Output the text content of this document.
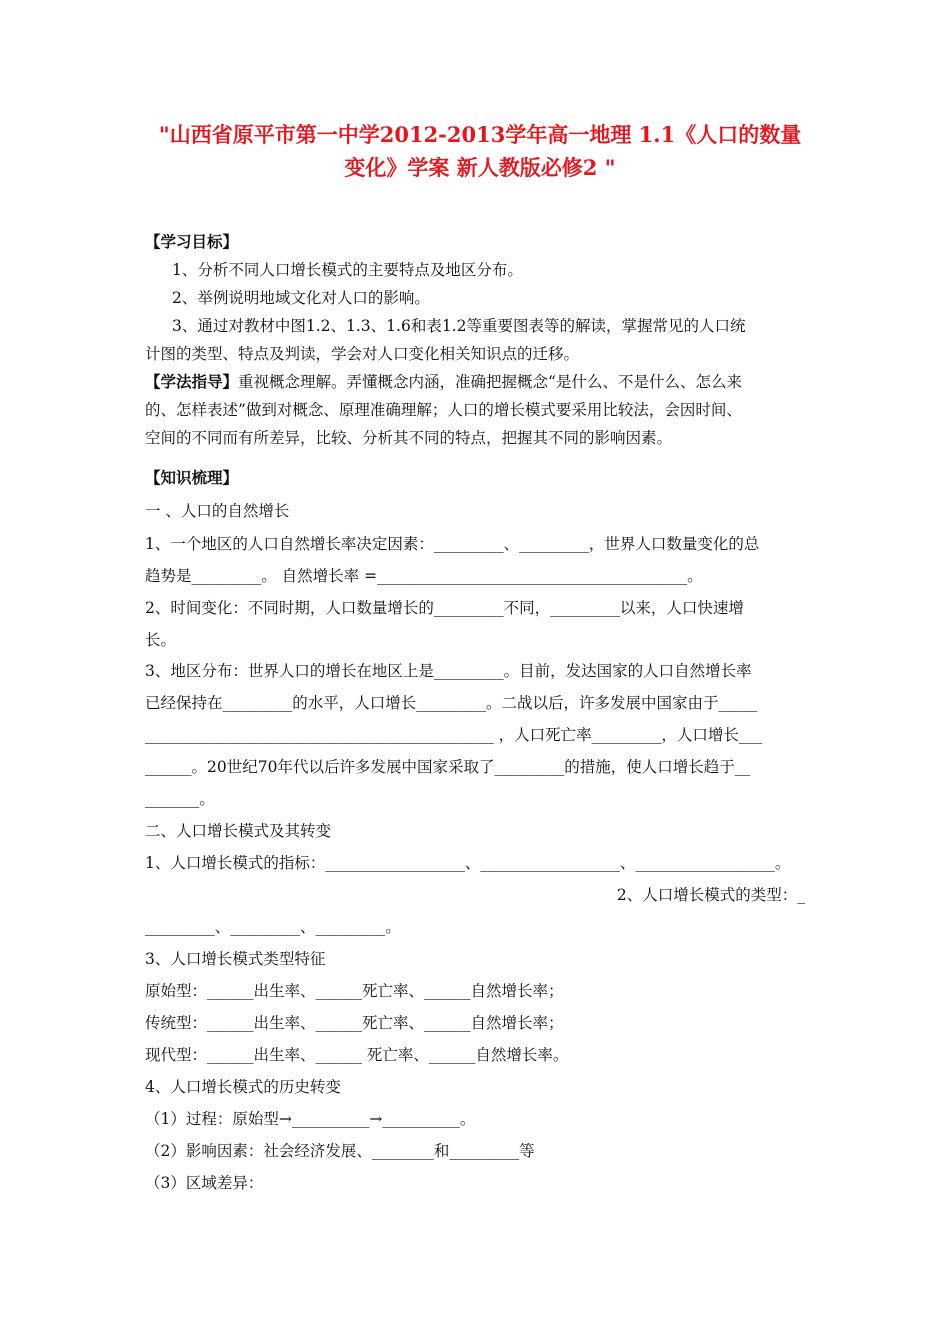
"山西省原平市第一中学2012-2013学年高一地理 1.1《人口的数量
变化》学案 新人教版必修2 "
【学习目标】
1、分析不同人口增长模式的主要特点及地区分布。
2、举例说明地域文化对人口的影响。
3、通过对教材中图1.2、1.3、1.6和表1.2等重要图表等的解读，掌握常见的人口统
计图的类型、特点及判读，学会对人口变化相关知识点的迁移。
【学法指导】重视概念理解。弄懂概念内涵，准确把握概念“是什么、不是什么、怎么来
的、怎样表述”做到对概念、原理准确理解；人口的增长模式要采用比较法，会因时间、
空间的不同而有所差异，比较、分析其不同的特点，把握其不同的影响因素。
【知识梳理】
一 、人口的自然增长
1、一个地区的人口自然增长率决定因素：_________、_________，世界人口数量变化的总
趋势是_________。 自然增长率 =________________________________________。
2、时间变化：不同时期，人口数量增长的_________不同，_________以来，人口快速增
长。
3、地区分布：世界人口的增长在地区上是_________。目前，发达国家的人口自然增长率
已经保持在_________的水平，人口增长_________。二战以后，许多发展中国家由于_____
_____________________________________________ ，人口死亡率_________，人口增长___
______。20世纪70年代以后许多发展中国家采取了_________的措施，使人口增长趋于__
_______。
二、人口增长模式及其转变
1、人口增长模式的指标：__________________、__________________、__________________。
2、人口增长模式的类型：_
_________、_________、_________。
3、人口增长模式类型特征
原始型：______出生率、______死亡率、______自然增长率；
传统型：______出生率、______死亡率、______自然增长率；
现代型：______出生率、______ 死亡率、______自然增长率。
4、人口增长模式的历史转变
（1）过程：原始型→__________→__________。
（2）影响因素：社会经济发展、________和_________等
（3）区域差异：
